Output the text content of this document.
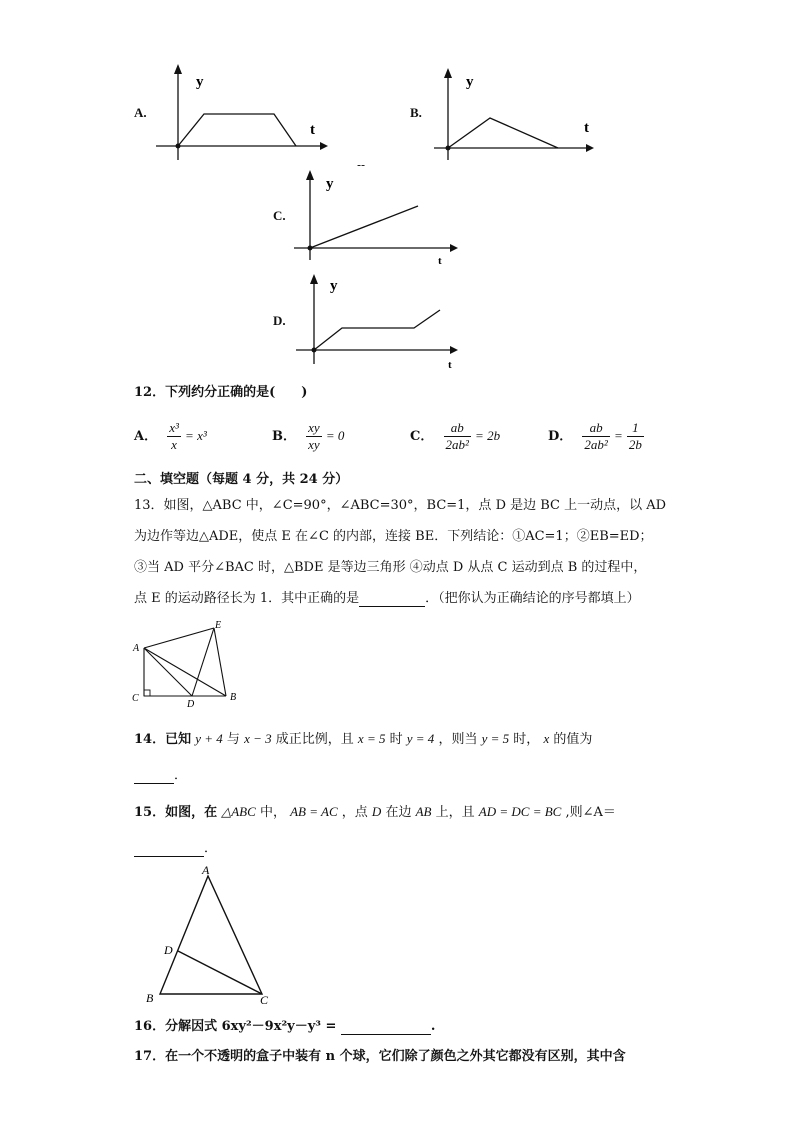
A.
y
t
B.
y
t
--
C.
y
t
D.
y
t
12．下列约分正确的是(　　)
A． $\frac{\text{x³}}{x} = x^3$	B． $\frac{xy}{xy} = 0$	C． $\frac{ab}{\text{2ab²}} = 2b$	D． $\frac{ab}{\text{2ab²}} = \frac{1}{2b}$
二、填空题（每题 4 分，共 24 分）
13．如图，△ABC 中，∠C=90°，∠ABC=30°，BC=1，点 D 是边 BC 上一动点，以 AD
为边作等边△ADE，使点 E 在∠C 的内部，连接 BE．下列结论：①AC=1；②EB=ED；
③当 AD 平分∠BAC 时，△BDE 是等边三角形 ④动点 D 从点 C 运动到点 B 的过程中，
点 E 的运动路径长为 1．其中正确的是	．（把你认为正确结论的序号都填上）
A
B
C
D
E
14．已知 y + 4 与 x − 3 成正比例，且 x = 5 时 y = 4 ，则当 y = 5 时， x 的值为
．
15．如图，在 △ABC 中， AB = AC ，点 D 在边 AB 上，且 AD = DC = BC ,则∠A＝
．
A
B	C
D
16．分解因式 6xy²－9x²y－y³ =	.
17．在一个不透明的盒子中装有 n 个球，它们除了颜色之外其它都没有区别，其中含
